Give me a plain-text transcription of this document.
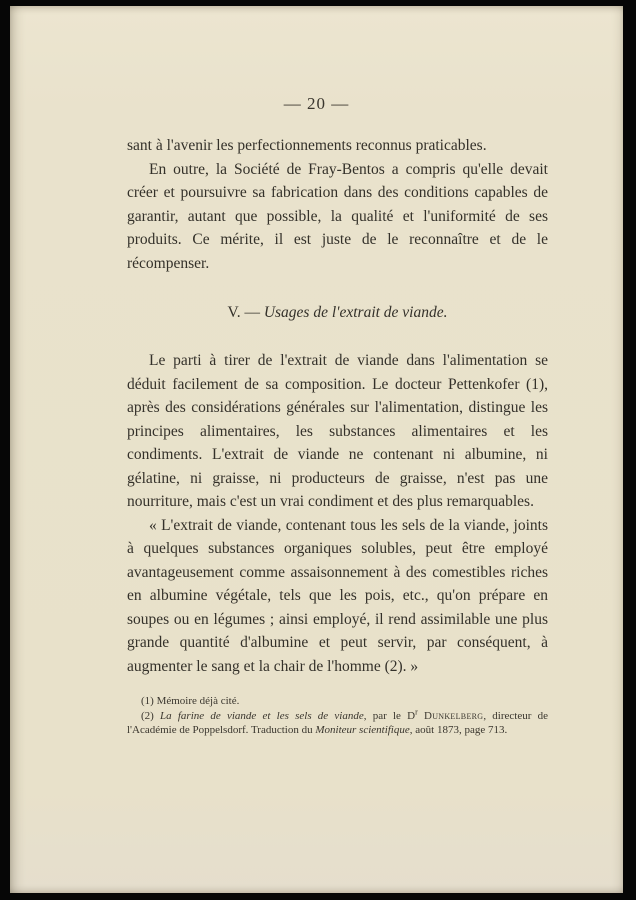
— 20 —

sant à l'avenir les perfectionnements reconnus praticables.

En outre, la Société de Fray-Bentos a compris qu'elle devait créer et poursuivre sa fabrication dans des conditions capables de garantir, autant que possible, la qualité et l'uniformité de ses produits. Ce mérite, il est juste de le reconnaître et de le récompenser.

V. — Usages de l'extrait de viande.

Le parti à tirer de l'extrait de viande dans l'alimentation se déduit facilement de sa composition. Le docteur Pettenkofer (1), après des considérations générales sur l'alimentation, distingue les principes alimentaires, les substances alimentaires et les condiments. L'extrait de viande ne contenant ni albumine, ni gélatine, ni graisse, ni producteurs de graisse, n'est pas une nourriture, mais c'est un vrai condiment et des plus remarquables.

« L'extrait de viande, contenant tous les sels de la viande, joints à quelques substances organiques solubles, peut être employé avantageusement comme assaisonnement à des comestibles riches en albumine végétale, tels que les pois, etc., qu'on prépare en soupes ou en légumes ; ainsi employé, il rend assimilable une plus grande quantité d'albumine et peut servir, par conséquent, à augmenter le sang et la chair de l'homme (2). »

(1) Mémoire déjà cité.

(2) La farine de viande et les sels de viande, par le $D^r$ Dunkelberg, directeur de l'Académie de Poppelsdorf. Traduction du Moniteur scientifique, août 1873, page 713.
